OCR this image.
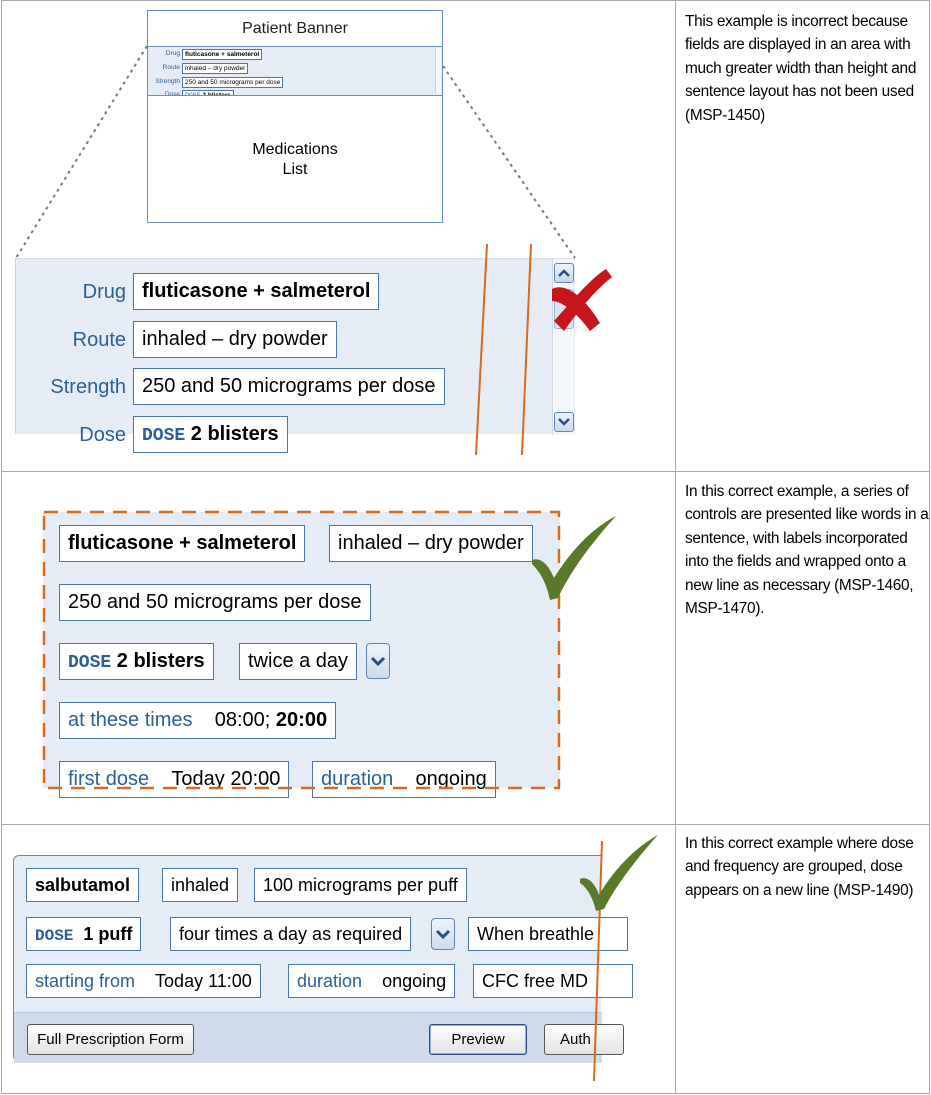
Patient Banner
Drug fluticasone + salmeterol
Route inhaled – dry powder
Strength 250 and 50 micrograms per dose
Medications
List
Drug fluticasone + salmeterol
Route inhaled – dry powder
Strength 250 and 50 micrograms per dose
Dose DOSE 2 blisters
This example is incorrect because fields are displayed in an area with much greater width than height and sentence layout has not been used (MSP-1450)
fluticasone + salmeterol	inhaled – dry powder
250 and 50 micrograms per dose
DOSE 2 blisters	twice a day
at these times 08:00; 20:00
first dose Today 20:00	duration ongoing
In this correct example, a series of controls are presented like words in a sentence, with labels incorporated into the fields and wrapped onto a new line as necessary (MSP-1460, MSP-1470).
salbutamol	inhaled	100 micrograms per puff
DOSE 1 puff	four times a day as required	When breathle
starting from Today 11:00	duration ongoing	CFC free MD
Full Prescription Form	Preview	Auth
In this correct example where dose and frequency are grouped, dose appears on a new line (MSP-1490)
